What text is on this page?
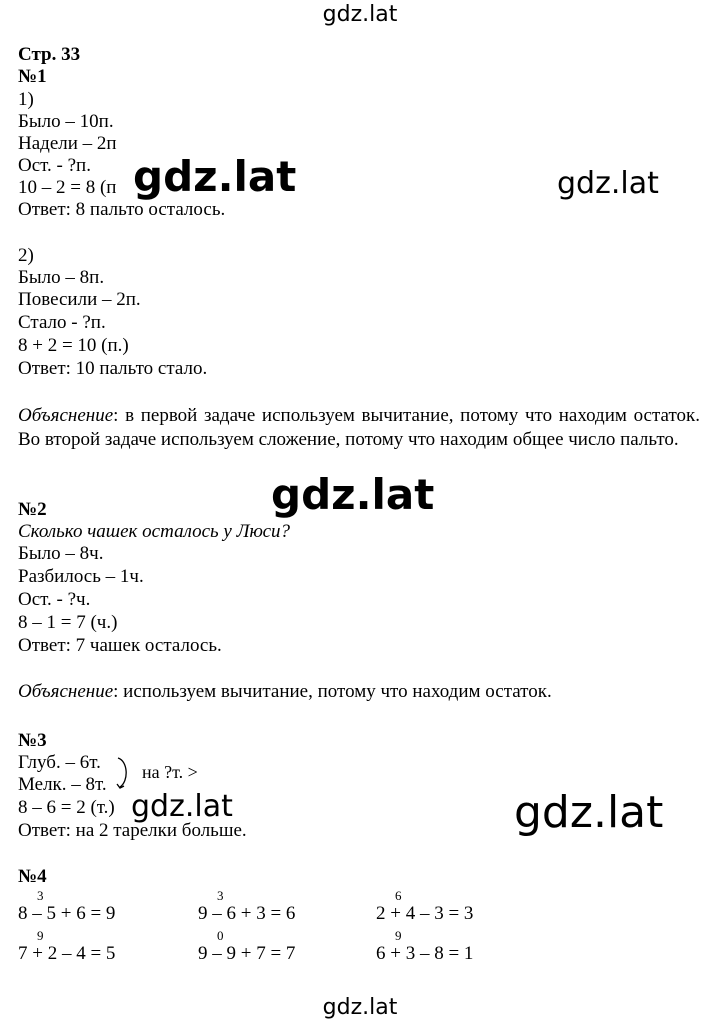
gdz.lat
gdz.lat	gdz.lat
gdz.lat
gdz.lat	gdz.lat
gdz.lat
Стр. 33
№1
1)
Было – 10п.
Надели – 2п
Ост. - ?п.
10 – 2 = 8 (п
Ответ: 8 пальто осталось.
2)
Было – 8п.
Повесили – 2п.
Стало - ?п.
8 + 2 = 10 (п.)
Ответ: 10 пальто стало.
Объяснение: в первой задаче используем вычитание, потому что находим остаток. Во второй задаче используем сложение, потому что находим общее число пальто.
№2
Сколько чашек осталось у Люси?
Было – 8ч.
Разбилось – 1ч.
Ост. - ?ч.
8 – 1 = 7 (ч.)
Ответ: 7 чашек осталось.
Объяснение: используем вычитание, потому что находим остаток.
№3
Глуб. – 6т.
Мелк. – 8т.
8 – 6 = 2 (т.)
Ответ: на 2 тарелки больше.
на ?т. >
№4
3
8 – 5 + 6 = 9
3
9 – 6 + 3 = 6
6
2 + 4 – 3 = 3
9
7 + 2 – 4 = 5
0
9 – 9 + 7 = 7
9
6 + 3 – 8 = 1
